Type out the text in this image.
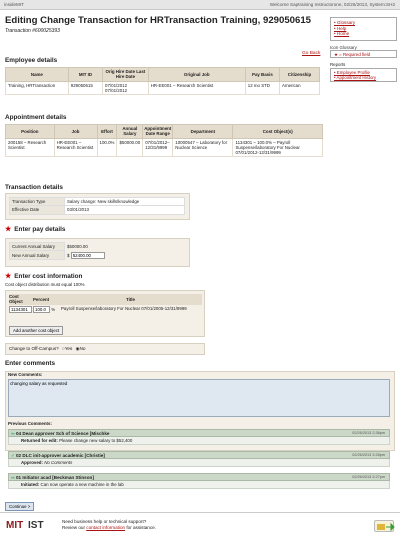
insideMIT	Welcome Saptraining Instructorone, 02/26/2013, System:SH2
Editing Change Transaction for HRTransaction Training, 929050615
Transaction #600025393
Go Back
• Glossary
• Help
• Home
Icon Glossary
★ = Required field
Reports
• Employee Profile
• Appointment History
Employee details
Name	MIT ID	Orig Hire Date Last Hire Date	Original Job	Pay Basis	Citizenship
Training, HRTransaction	929050615	07/01/2012 07/01/2012	HR-EE001 – Research Scientist	12 mo STD	American
Appointment details
Position	Job	Effort	Annual Salary	Appointment Date Range	Department	Cost Object(s)
200158 – Research Scientist	HR-EE001 – Research Scientist	100.0%	$50000.00	07/01/2012– 12/31/9999	10000547 – Laboratory for Nuclear Science	1134301 – 100.0% – Payroll Suspense/laboratory For Nuclear 07/01/2012-12/31/9999
Transaction details
Transaction Type	Salary change: New skills/knowledge
Effective Date	03/01/2013
★ Enter pay details
Current Annual Salary	$50000.00
New Annual Salary	$ 52400.00
★ Enter cost information
Cost object distribution must equal 100%
Cost Object	Percent	Title
1134301	100.0 %	Payroll Suspense/laboratory For Nuclear 07/01/2005-12/31/9999
Add another cost object
Change to Off-Campus? ○Yes ◉No
Enter comments
New Comments:
changing salary as requested
Previous Comments:
⇦04 Dean approver Sch of Science [Mischke	02/26/2013 2:38pm
Returned for edit: Please change new salary to $52,400
✓02 DLC init-approver academic [Christie]	02/26/2013 2:28pm
Approved: No Comments
⇨01 Initiator acad [Beckman Stinson]	02/26/2013 2:27pm
Initiated: Can now operate a new machine in the lab
Continue >
MIT IST	Need business help or technical support?
Review our contact information for assistance.
